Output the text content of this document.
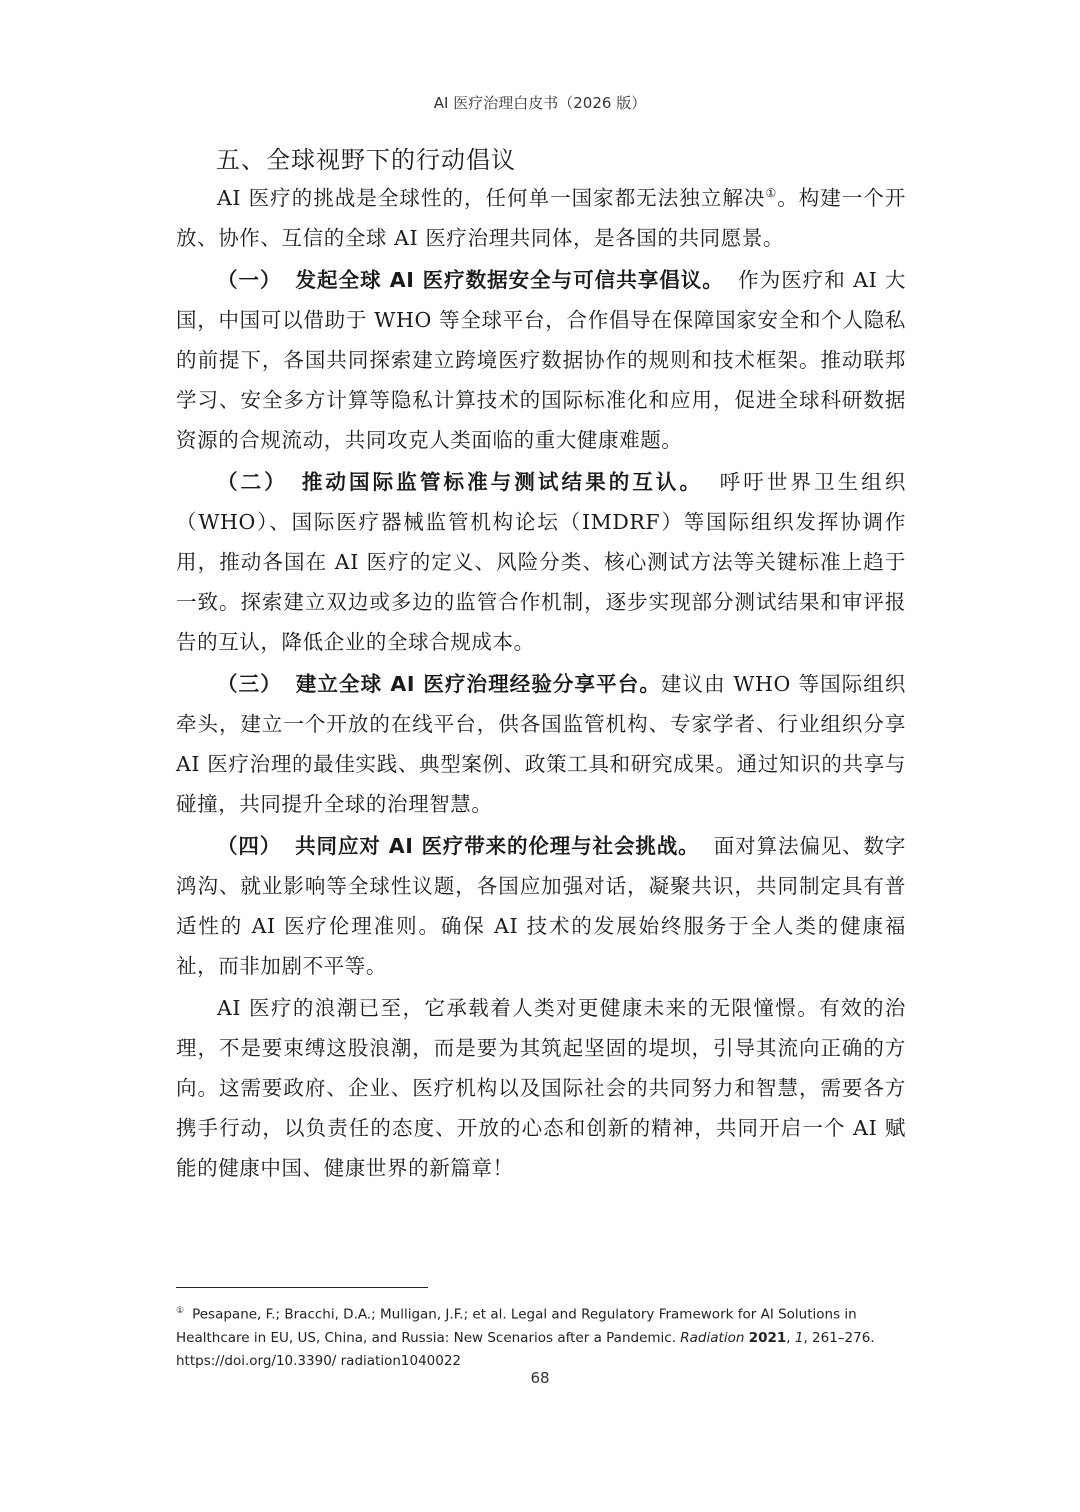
AI 医疗治理白皮书（2026 版）
五、全球视野下的行动倡议

AI 医疗的挑战是全球性的，任何单一国家都无法独立解决①。构建一个开放、协作、互信的全球 AI 医疗治理共同体，是各国的共同愿景。

（一） 发起全球 AI 医疗数据安全与可信共享倡议。 作为医疗和 AI 大国，中国可以借助于 WHO 等全球平台，合作倡导在保障国家安全和个人隐私的前提下，各国共同探索建立跨境医疗数据协作的规则和技术框架。推动联邦学习、安全多方计算等隐私计算技术的国际标准化和应用，促进全球科研数据资源的合规流动，共同攻克人类面临的重大健康难题。

（二） 推动国际监管标准与测试结果的互认。 呼吁世界卫生组织（WHO）、国际医疗器械监管机构论坛（IMDRF）等国际组织发挥协调作用，推动各国在 AI 医疗的定义、风险分类、核心测试方法等关键标准上趋于一致。探索建立双边或多边的监管合作机制，逐步实现部分测试结果和审评报告的互认，降低企业的全球合规成本。

（三） 建立全球 AI 医疗治理经验分享平台。建议由 WHO 等国际组织牵头，建立一个开放的在线平台，供各国监管机构、专家学者、行业组织分享 AI 医疗治理的最佳实践、典型案例、政策工具和研究成果。通过知识的共享与碰撞，共同提升全球的治理智慧。

（四） 共同应对 AI 医疗带来的伦理与社会挑战。 面对算法偏见、数字鸿沟、就业影响等全球性议题，各国应加强对话，凝聚共识，共同制定具有普适性的 AI 医疗伦理准则。确保 AI 技术的发展始终服务于全人类的健康福祉，而非加剧不平等。

AI 医疗的浪潮已至，它承载着人类对更健康未来的无限憧憬。有效的治理，不是要束缚这股浪潮，而是要为其筑起坚固的堤坝，引导其流向正确的方向。这需要政府、企业、医疗机构以及国际社会的共同努力和智慧，需要各方携手行动，以负责任的态度、开放的心态和创新的精神，共同开启一个 AI 赋能的健康中国、健康世界的新篇章！

① Pesapane, F.; Bracchi, D.A.; Mulligan, J.F.; et al. Legal and Regulatory Framework for AI Solutions in Healthcare in EU, US, China, and Russia: New Scenarios after a Pandemic. Radiation 2021, 1, 261–276.
https://doi.org/10.3390/ radiation1040022
68
